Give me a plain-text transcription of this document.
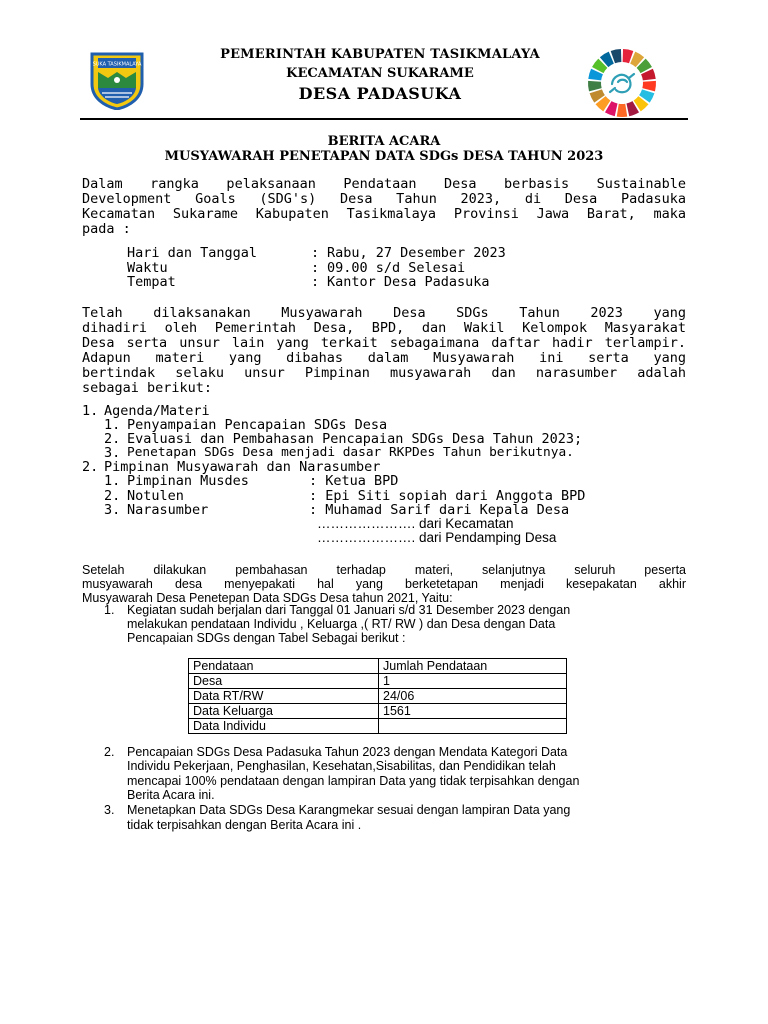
SUKA TASIKMALAYA
PEMERINTAH KABUPATEN TASIKMALAYA
KECAMATAN SUKARAME
DESA PADASUKA
BERITA ACARA
MUSYAWARAH PENETAPAN DATA SDGs DESA TAHUN 2023
Dalam rangka pelaksanaan Pendataan Desa berbasis Sustainable
Development Goals (SDG's) Desa Tahun 2023, di Desa Padasuka
Kecamatan Sukarame Kabupaten Tasikmalaya Provinsi Jawa Barat, maka
pada :
Hari dan Tanggal	: Rabu, 27 Desember 2023
Waktu	: 09.00 s/d Selesai
Tempat	: Kantor Desa Padasuka
Telah dilaksanakan Musyawarah Desa SDGs Tahun 2023 yang
dihadiri oleh Pemerintah Desa, BPD, dan Wakil Kelompok Masyarakat
Desa serta unsur lain yang terkait sebagaimana daftar hadir terlampir.
Adapun materi yang dibahas dalam Musyawarah ini serta yang
bertindak selaku unsur Pimpinan musyawarah dan narasumber adalah
sebagai berikut:
1. Agenda/Materi
1. Penyampaian Pencapaian SDGs Desa
2. Evaluasi dan Pembahasan Pencapaian SDGs Desa Tahun 2023;
3. Penetapan SDGs Desa menjadi dasar RKPDes Tahun berikutnya.
2. Pimpinan Musyawarah dan Narasumber
1. Pimpinan Musdes	: Ketua BPD
2. Notulen	: Epi Siti sopiah dari Anggota BPD
3. Narasumber	: Muhamad Sarif dari Kepala Desa
…………………. dari Kecamatan
…………………. dari Pendamping Desa
Setelah dilakukan pembahasan terhadap materi, selanjutnya seluruh peserta
musyawarah desa menyepakati hal yang berketetapan menjadi kesepakatan akhir
Musyawarah Desa Penetepan Data SDGs Desa tahun 2021, Yaitu:
1. Kegiatan sudah berjalan dari Tanggal 01 Januari s/d 31 Desember 2023 dengan
melakukan pendataan Individu , Keluarga ,( RT/ RW ) dan Desa dengan Data
Pencapaian SDGs dengan Tabel Sebagai berikut :
Pendataan	Jumlah Pendataan
Desa	1
Data RT/RW	24/06
Data Keluarga	1561
Data Individu	
2. Pencapaian SDGs Desa Padasuka Tahun 2023 dengan Mendata Kategori Data
Individu Pekerjaan, Penghasilan, Kesehatan,Sisabilitas, dan Pendidikan telah
mencapai 100% pendataan dengan lampiran Data yang tidak terpisahkan dengan
Berita Acara ini.
3. Menetapkan Data SDGs Desa Karangmekar sesuai dengan lampiran Data yang
tidak terpisahkan dengan Berita Acara ini .
